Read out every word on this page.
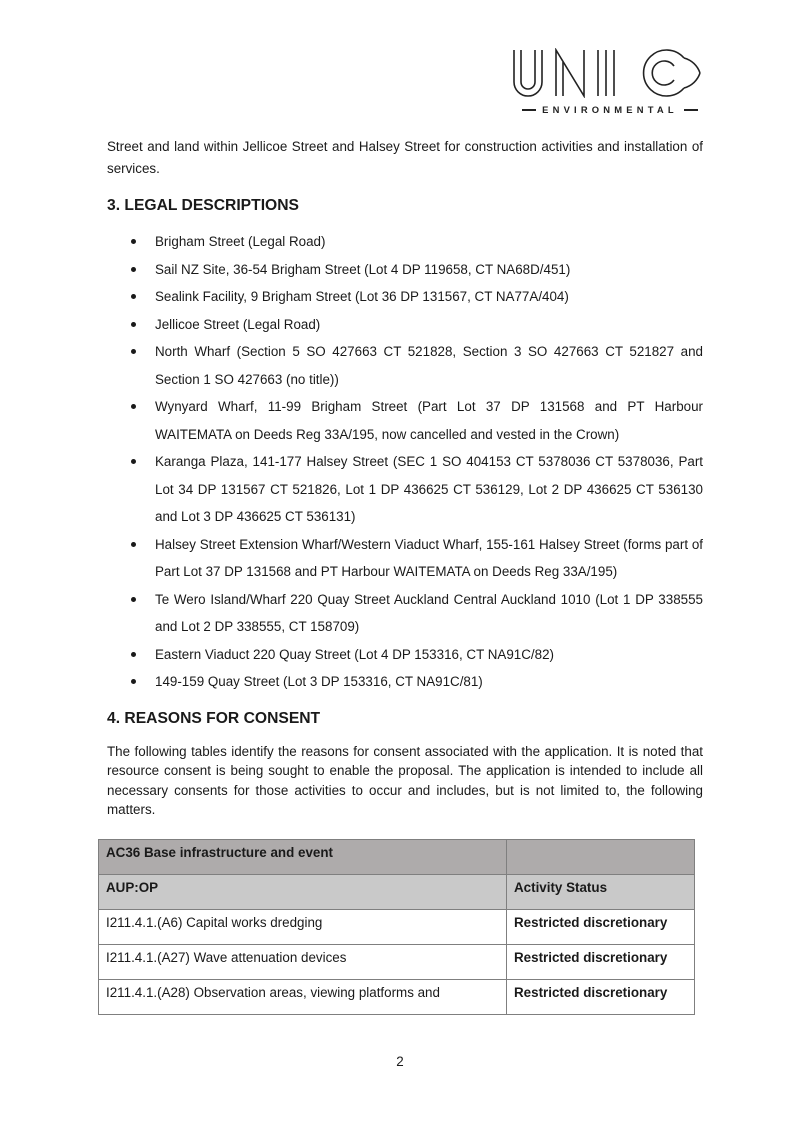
ENVIRONMENTAL

Street and land within Jellicoe Street and Halsey Street for construction activities and installation of services.

3. LEGAL DESCRIPTIONS
Brigham Street (Legal Road)
Sail NZ Site, 36-54 Brigham Street (Lot 4 DP 119658, CT NA68D/451)
Sealink Facility, 9 Brigham Street (Lot 36 DP 131567, CT NA77A/404)
Jellicoe Street (Legal Road)
North Wharf (Section 5 SO 427663 CT 521828, Section 3 SO 427663 CT 521827 and Section 1 SO 427663 (no title))
Wynyard Wharf, 11-99 Brigham Street (Part Lot 37 DP 131568 and PT Harbour WAITEMATA on Deeds Reg 33A/195, now cancelled and vested in the Crown)
Karanga Plaza, 141-177 Halsey Street (SEC 1 SO 404153 CT 5378036 CT 5378036, Part Lot 34 DP 131567 CT 521826, Lot 1 DP 436625 CT 536129, Lot 2 DP 436625 CT 536130 and Lot 3 DP 436625 CT 536131)
Halsey Street Extension Wharf/Western Viaduct Wharf, 155-161 Halsey Street (forms part of Part Lot 37 DP 131568 and PT Harbour WAITEMATA on Deeds Reg 33A/195)
Te Wero Island/Wharf 220 Quay Street Auckland Central Auckland 1010 (Lot 1 DP 338555 and Lot 2 DP 338555, CT 158709)
Eastern Viaduct 220 Quay Street (Lot 4 DP 153316, CT NA91C/82)
149-159 Quay Street (Lot 3 DP 153316, CT NA91C/81)
4. REASONS FOR CONSENT

The following tables identify the reasons for consent associated with the application. It is noted that resource consent is being sought to enable the proposal. The application is intended to include all necessary consents for those activities to occur and includes, but is not limited to, the following matters.

AC36 Base infrastructure and event	
AUP:OP	Activity Status
I211.4.1.(A6) Capital works dredging	Restricted discretionary
I211.4.1.(A27) Wave attenuation devices	Restricted discretionary
I211.4.1.(A28) Observation areas, viewing platforms and	Restricted discretionary
2
